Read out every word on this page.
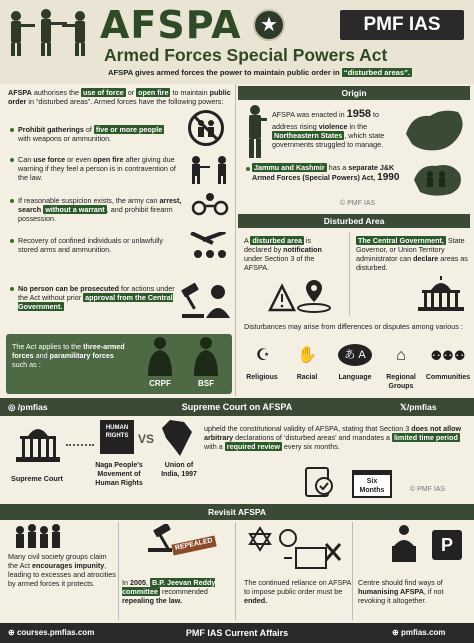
AFSPA ★	PMF IAS
Armed Forces Special Powers Act
AFSPA gives armed forces the power to maintain public order in “disturbed areas”.
AFSPA authorises the use of force or open fire to maintain public order in “disturbed areas”. Armed forces have the following powers:
Prohibit gatherings of five or more people with weapons or ammunition.
Can use force or even open fire after giving due warning if they feel a person is in contravention of the law.
If reasonable suspicion exists, the army can arrest, search without a warrant , and prohibit firearm possession.
Recovery of confined individuals or unlawfully stored arms and ammunition.
No person can be prosecuted for actions under the Act without prior approval from the Central Government.
The Act applies to the three-armed forces and paramilitary forces such as :
CRPF	BSF
Origin
AFSPA was enacted in 1958 to address rising violence in the Northeastern States , which state governments struggled to manage.
Jammu and Kashmir has a separate J&K Armed Forces (Special Powers) Act, 1990
© PMF IAS
Disturbed Area
A disturbed area is declared by notification under Section 3 of the AFSPA.
The Central Government, State Governor, or Union Territory administrator can declare areas as disturbed.
Disturbances may arise from differences or disputes among various :
☪	✋	あ A	⌂	⚉⚉⚉
Religious	Racial	Language	Regional Groups
Communities
◎ /pmfias	Supreme Court on AFSPA	𝕏/pmfias
Supreme Court
HUMAN RIGHTS VS
Naga People's Movement of Human Rights
Union of India, 1997
upheld the constitutional validity of AFSPA, stating that Section 3 does not allow arbitrary declarations of ‘disturbed areas’ and mandates a limited time period with a required review every six months.
Six Months	© PMF IAS
Revisit AFSPA
Many civil society groups claim the Act encourages impunity, leading to excesses and atrocities by armed forces it protects.
REPEALED
In 2005, B.P. Jeevan Reddy committee recommended repealing the law.
The continued reliance on AFSPA to impose public order must be ended.
P
Centre should find ways of humanising AFSPA, if not revoking it altogether.
⊕ courses.pmfias.com	PMF IAS Current Affairs	⊕ pmfias.com
